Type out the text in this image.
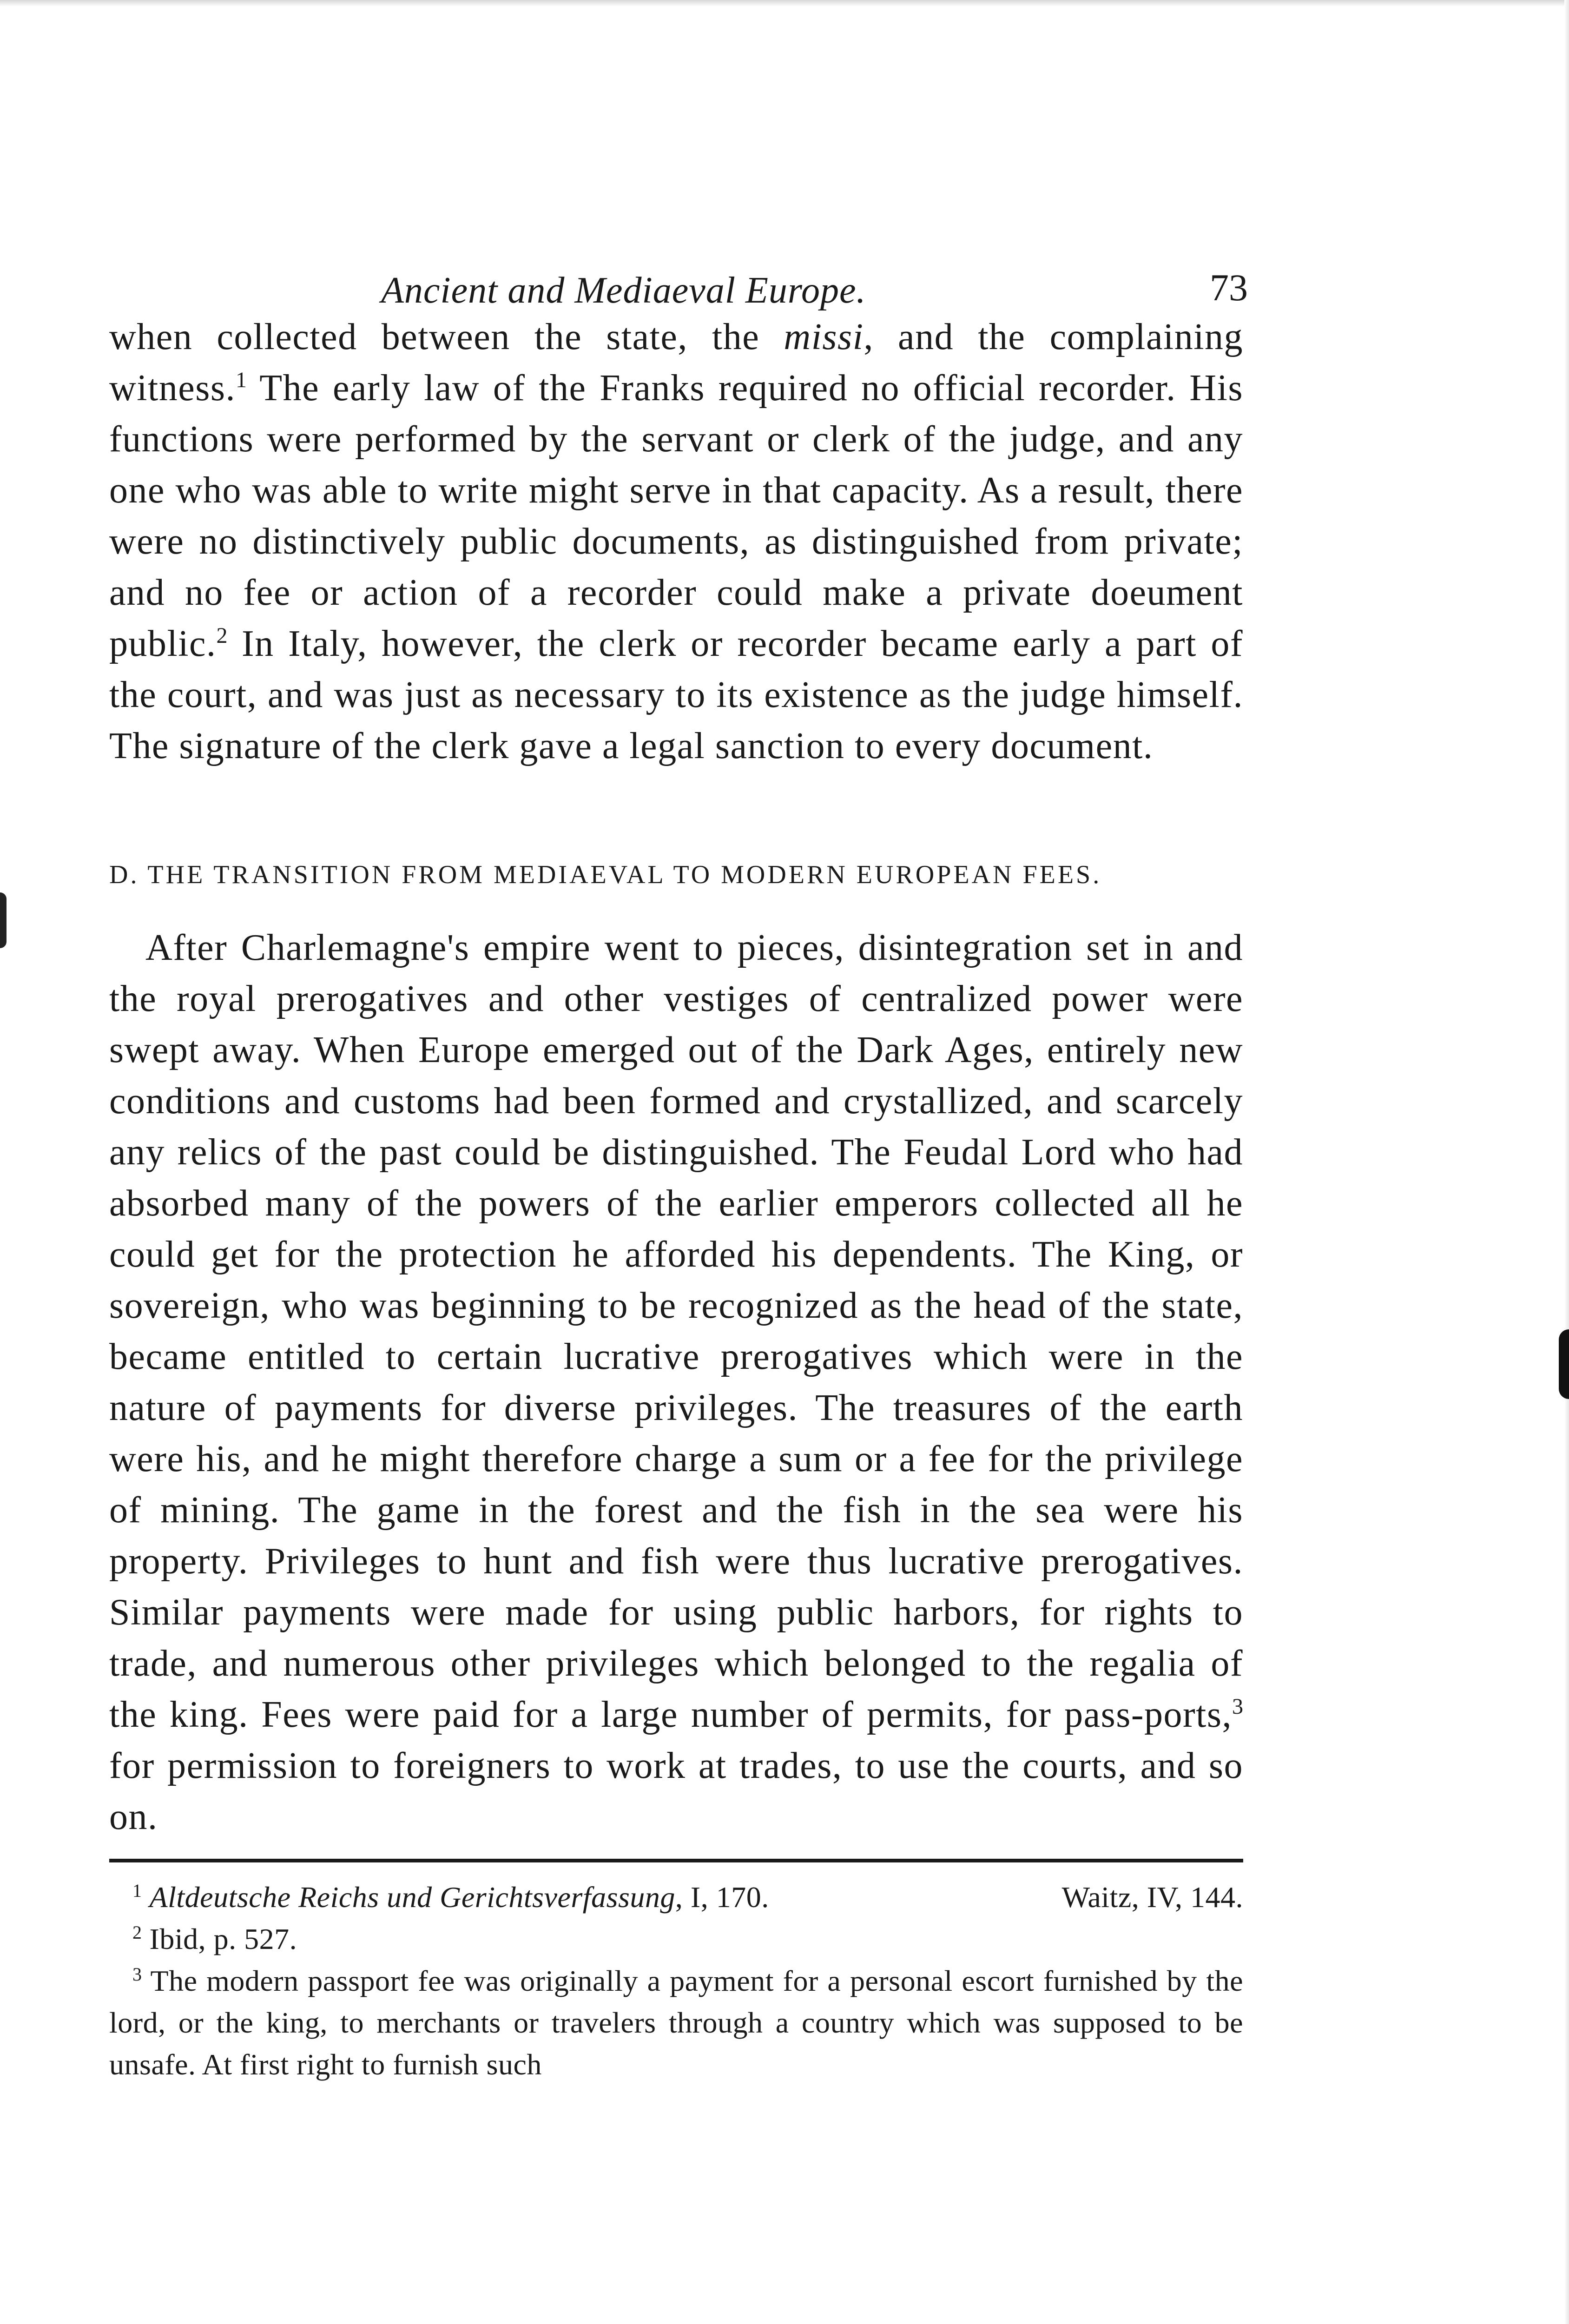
Ancient and Mediaeval Europe.	73

when collected between the state, the missi, and the complaining witness.$^1$ The early law of the Franks required no official recorder. His functions were performed by the servant or clerk of the judge, and any one who was able to write might serve in that capacity. As a result, there were no distinctively public documents, as distinguished from private; and no fee or action of a recorder could make a private doeument public.$^2$ In Italy, however, the clerk or recorder became early a part of the court, and was just as necessary to its existence as the judge himself. The signature of the clerk gave a legal sanction to every document.

D. THE TRANSITION FROM MEDIAEVAL TO MODERN EUROPEAN FEES.

After Charlemagne's empire went to pieces, disintegration set in and the royal prerogatives and other vestiges of centralized power were swept away. When Europe emerged out of the Dark Ages, entirely new conditions and customs had been formed and crystallized, and scarcely any relics of the past could be distinguished. The Feudal Lord who had absorbed many of the powers of the earlier emperors collected all he could get for the protection he afforded his dependents. The King, or sovereign, who was beginning to be recognized as the head of the state, became entitled to certain lucrative prerogatives which were in the nature of payments for diverse privileges. The treasures of the earth were his, and he might therefore charge a sum or a fee for the privilege of mining. The game in the forest and the fish in the sea were his property. Privileges to hunt and fish were thus lucrative prerogatives. Similar payments were made for using public harbors, for rights to trade, and numerous other privileges which belonged to the regalia of the king. Fees were paid for a large number of permits, for pass-ports,$^3$ for permission to foreigners to work at trades, to use the courts, and so on.

$^1$ Altdeutsche Reichs und Gerichtsverfassung, I, 170.	Waitz, IV, 144.

$^2$ Ibid, p. 527.

$^3$ The modern passport fee was originally a payment for a personal escort furnished by the lord, or the king, to merchants or travelers through a country which was supposed to be unsafe. At first right to furnish such
